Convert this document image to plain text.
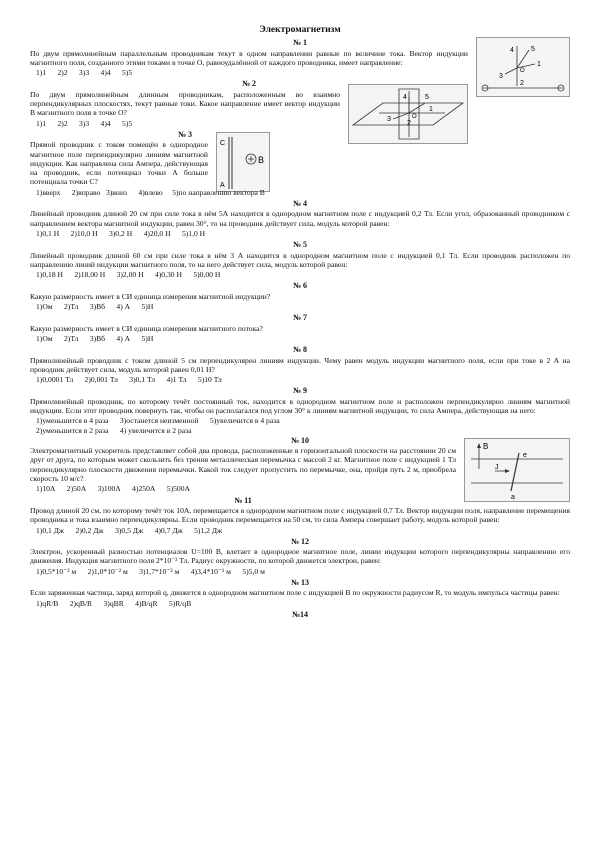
Электромагнетизм
№ 1
4 5
1
3
2
O

По двум прямолинейным параллельным проводникам текут в одном направлении равные по величине тока. Вектор индукции магнитного поля, созданного этими токами в точке О, равноудалённой от каждого проводника, имеет направление:

1)1      2)2      3)3      4)4      5)5
№ 2
4	5
1
3
2
O

По двум прямолинейным длинным проводникам, расположенным во взаимно перпендикулярных плоскостях, текут равные токи. Какое направление имеет вектор индукции В магнитного поля в точке О?

1)1      2)2      3)3      4)4      5)5
№ 3
C
A
B

Прямой проводник с током помещён в однородное магнитное поле перпендикулярно линиям магнитной индукции. Как направлена сила Ампера, действующая на проводник, если потенциал точки А больше потенциала точки С?

1)вверх      2)вправо   3)вниз      4)влево     5)по направлению вектора В
№ 4

Линейный проводник длиной 20 см при силе тока в нём 5А находится в однородном магнитном поле с индукцией 0,2 Тл. Если угол, образованный проводником с направлением вектора магнитной индукции, равен 30°, то на проводник действует сила, модуль которой равен:

1)0,1 Н      2)10,0 Н      3)0,2 Н      4)20,0 Н      5)1,0 Н
№ 5

Линейный проводник длиной 60 см при силе тока в нём 3 А находится в однородном магнитном поле с индукцией 0,1 Тл. Если проводник расположен по направлению линий индукции магнитного поля, то на него действует сила, модуль которой равен:

1)0,18 Н      2)18,00 Н      3)2,00 Н      4)0,30 Н      5)0,00 Н
№ 6

Какую размерность имеет в СИ единица измерения магнитной индукции?

1)Ом      2)Тл      3)Вб      4) А      5)Н
№ 7

Какую размерность имеет в СИ единица измерения магнитного потока?

1)Ом      2)Тл      3)Вб      4) А      5)Н
№ 8

Прямолинейный проводник с током длиной 5 см перпендикулярен линиям индукции. Чему равен модуль индукции магнитного поля, если при токе в 2 А на проводник действует сила, модуль которой равен 0,01 Н?

1)0,0001 Тл      2)0,001 Тл      3)0,1 Тл      4)1 Тл      5)10 Тл
№ 9

Прямолинейный проводник, по которому течёт постоянный ток, находится в однородном магнитном поле и расположен перпендикулярно линиям магнитной индукции. Если этот проводник повернуть так, чтобы он располагался под углом 30° к линиям магнитной индукции, то сила Ампера, действующая на него:

1)уменьшится в 4 раза      3)останется неизменной      5)увеличится в 4 раза
2)уменьшится в 2 раза      4) увеличится в 2 раза
№ 10
B
J
e
a

Электромагнитный ускоритель представляет собой два провода, расположенные в горизонтальной плоскости на расстоянии 20 см друг от друга, по которым может скользить без трения металлическая перемычка с массой 2 кг. Магнитное поле с индукцией 1 Тл перпендикулярно плоскости движения перемычки. Какой ток следует пропустить по перемычке, она, пройдя путь 2 м, приобрела скорость 10 м/с?

1)10А      2)50А      3)100А      4)250А      5)500А
№ 11

Провод длиной 20 см, по которому течёт ток 10А, перемещается в однородном магнитном поле с индукцией 0,7 Тл. Вектор индукции поля, направление перемещения проводника и тока взаимно перпендикулярны. Если проводник перемещается на 50 см, то сила Ампера совершает работу, модуль которой равен:

1)0,1 Дж      2)0,2 Дж      3)0,5 Дж      4)0,7 Дж      5)1,2 Дж
№ 12

Электрон, ускоренный разностью потенциалов U=100 В, влетает в однородное магнитное поле, линии индукции которого перпендикулярны направлению его движения. Индукция магнитного поля 2*10⁻³ Тл. Радиус окружности, по которой движется электрон, равен:

1)0,5*10⁻² м      2)1,0*10⁻² м      3)1,7*10⁻² м      4)3,4*10⁻¹ м      5)5,0 м
№ 13

Если заряженная частица, заряд которой q, движется в однородном магнитном поле с индукцией В по окружности радиусом R, то модуль импульса частицы равен:

1)qR/B      2)qB/R      3)qBR      4)B/qR      5)R/qB
№14
